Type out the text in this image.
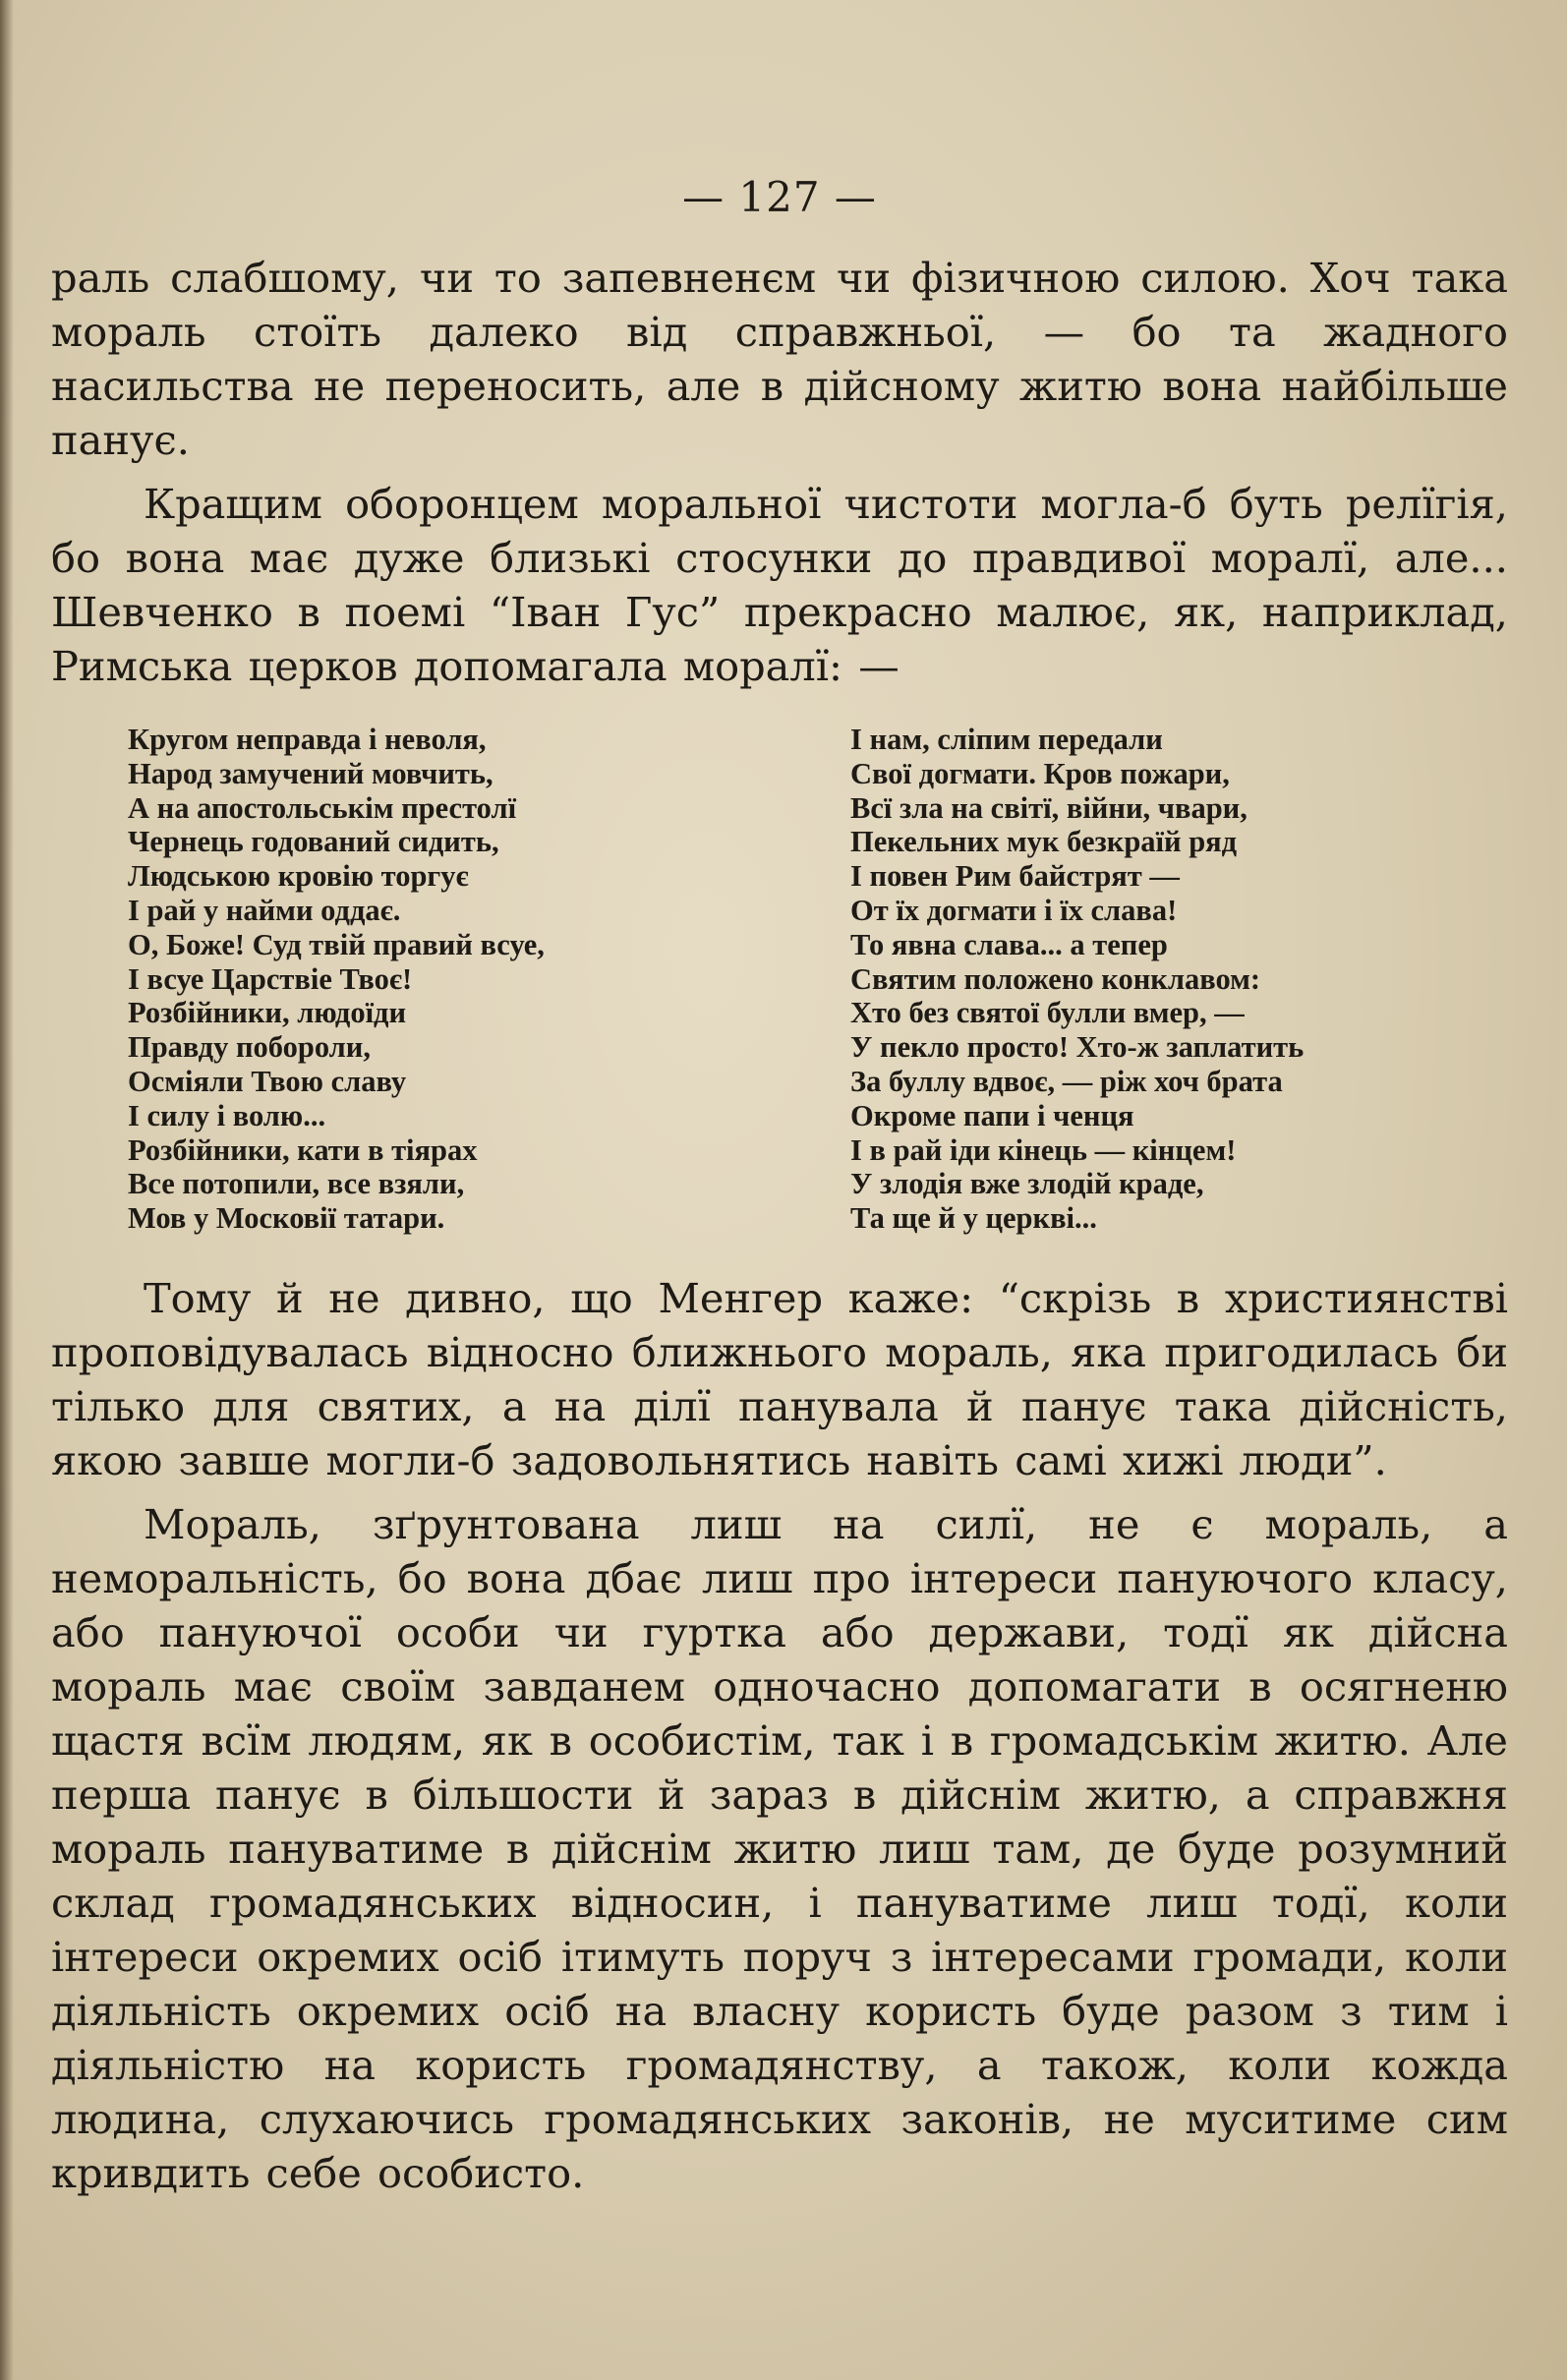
— 127 —

раль слабшому, чи то запевненєм чи фізичною силою. Хоч така мораль стоїть далеко від справжньої, — бо та жадного насильства не переносить, але в дійсному житю вона найбільше панує.

Кращим оборонцем моральної чистоти могла-б буть релїгія, бо вона має дуже близькі стосунки до правдивої моралї, але... Шевченко в поемі “Іван Гус” прекрасно малює, як, наприклад, Римська церков допомагала моралї: —

Кругом неправда і неволя,
Народ замучений мовчить,
А на апостольськім престолї
Чернець годований сидить,
Людською кровію торгує
І рай у найми оддає.
О, Боже! Суд твій правий всуе,
І всуе Царствіе Твоє!
Розбійники, людоїди
Правду побороли,
Осміяли Твою славу
І силу і волю...
Розбійники, кати в тіярах
Все потопили, все взяли,
Мов у Московії татари.
І нам, сліпим передали
Свої догмати. Кров пожари,
Всї зла на світї, війни, чвари,
Пекельних мук безкраїй ряд
І повен Рим байстрят —
От їх догмати і їх слава!
То явна слава... а тепер
Святим положено конклавом:
Хто без святої булли вмер, —
У пекло просто! Хто-ж заплатить
За буллу вдвоє, — ріж хоч брата
Окроме папи і ченця
І в рай іди кінець — кінцем!
У злодія вже злодій краде,
Та ще й у церкві...

Тому й не дивно, що Менгер каже: “скрізь в християнстві проповідувалась відносно ближнього мораль, яка пригодилась би тілько для святих, а на ділї панувала й панує така дійсність, якою завше могли-б задовольнятись навіть самі хижі люди”.

Мораль, зґрунтована лиш на силї, не є мораль, а неморальність, бо вона дбає лиш про інтереси пануючого класу, або пануючої особи чи гуртка або держави, тодї як дійсна мораль має своїм завданем одночасно допомагати в осягненю щастя всїм людям, як в особистім, так і в громадськім житю. Але перша панує в більшости й зараз в дійснім житю, а справжня мораль пануватиме в дійснім житю лиш там, де буде розумний склад громадянських відносин, і пануватиме лиш тодї, коли інтереси окремих осіб ітимуть поруч з інтересами громади, коли діяльність окремих осіб на власну користь буде разом з тим і діяльністю на користь громадянству, а також, коли кожда людина, слухаючись громадянських законів, не муситиме сим кривдить себе особисто.
